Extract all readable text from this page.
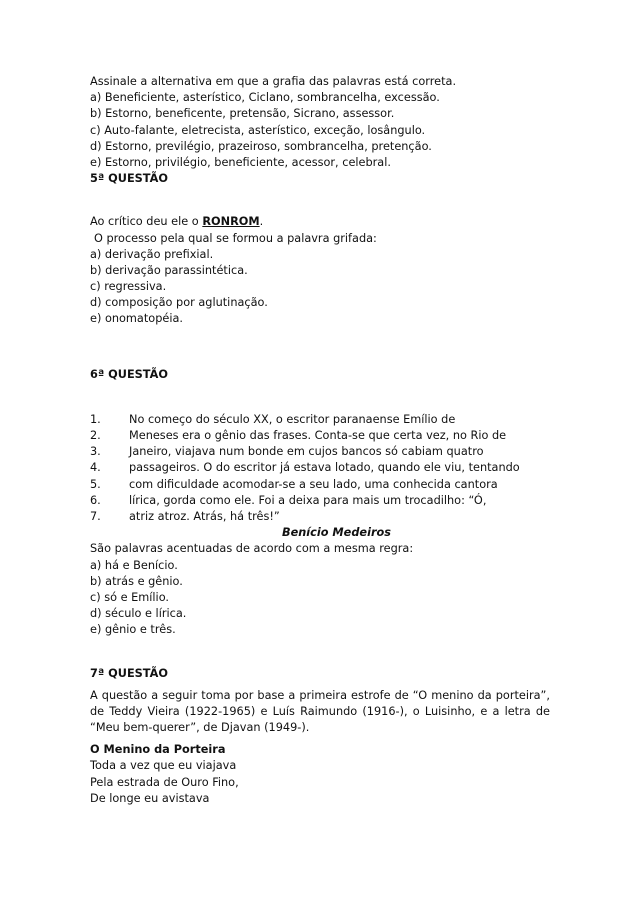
Assinale a alternativa em que a grafia das palavras está correta.
a) Beneficiente, asterístico, Ciclano, sombrancelha, excessão.
b) Estorno, beneficente, pretensão, Sicrano, assessor.
c) Auto-falante, eletrecista, asterístico, exceção, losângulo.
d) Estorno, previlégio, prazeiroso, sombrancelha, pretenção.
e) Estorno, privilégio, beneficiente, acessor, celebral.
5ª QUESTÃO
Ao crítico deu ele o RONROM.
O processo pela qual se formou a palavra grifada:
a) derivação prefixial.
b) derivação parassintética.
c) regressiva.
d) composição por aglutinação.
e) onomatopéia.
6ª QUESTÃO
1.	No começo do século XX, o escritor paranaense Emílio de
2.	Meneses era o gênio das frases. Conta-se que certa vez, no Rio de
3.	Janeiro, viajava num bonde em cujos bancos só cabiam quatro
4.	passageiros. O do escritor já estava lotado, quando ele viu, tentando
5.	com dificuldade acomodar-se a seu lado, uma conhecida cantora
6.	lírica, gorda como ele. Foi a deixa para mais um trocadilho: “Ó,
7.	atriz atroz. Atrás, há três!”
Benício Medeiros
São palavras acentuadas de acordo com a mesma regra:
a) há e Benício.
b) atrás e gênio.
c) só e Emílio.
d) século e lírica.
e) gênio e três.
7ª QUESTÃO
A questão a seguir toma por base a primeira estrofe de “O menino da porteira”, de Teddy Vieira (1922-1965) e Luís Raimundo (1916-), o Luisinho, e a letra de “Meu bem-querer”, de Djavan (1949-).
O Menino da Porteira
Toda a vez que eu viajava
Pela estrada de Ouro Fino,
De longe eu avistava
